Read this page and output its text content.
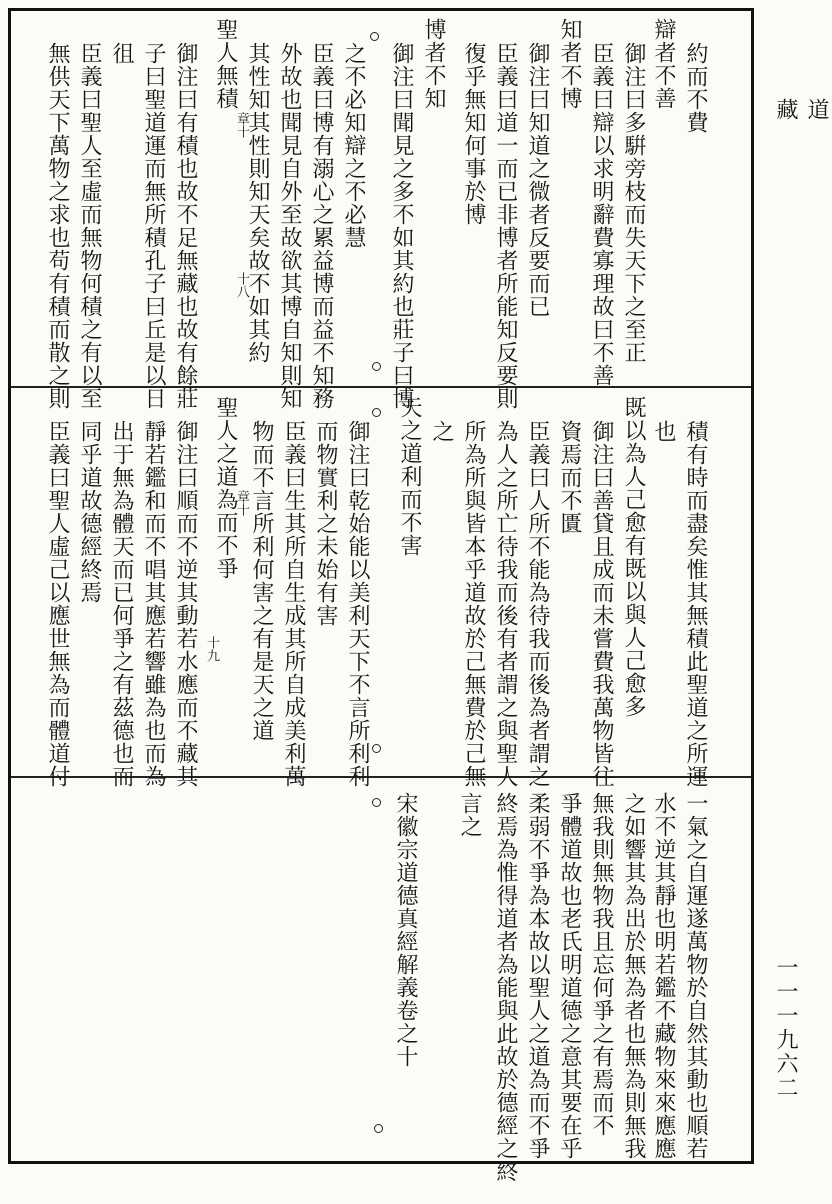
道藏
一一一九六二
約而不費
辯者不善
御注曰多騈旁枝而失天下之至正
臣義曰辯以求明辭費寡理故曰不善
知者不博
御注曰知道之微者反要而已
臣義曰道一而已非博者所能知反要則
復乎無知何事於博
博者不知
御注曰聞見之多不如其約也莊子曰博
之不必知辯之不必慧
臣義曰博有溺心之累益博而益不知務
外故也聞見自外至故欲其博自知則知
其性知其性則知天矣故不如其約
聖人無積
御注曰有積也故不足無藏也故有餘莊
子曰聖道運而無所積孔子曰丘是以日
徂
臣義曰聖人至虛而無物何積之有以至
無供天下萬物之求也苟有積而散之則	章十
十八
積有時而盡矣惟其無積此聖道之所運
也
既以為人己愈有既以與人己愈多
御注曰善貸且成而未嘗費我萬物皆往
資焉而不匱
臣義曰人所不能為待我而後為者謂之
為人之所亡待我而後有者謂之與聖人
所為所與皆本乎道故於己無費於己無
之
天之道利而不害
御注曰乾始能以美利天下不言所利利
而物實利之未始有害
臣義曰生其所自生成其所自成美利萬
物而不言所利何害之有是天之道
聖人之道為而不爭
御注曰順而不逆其動若水應而不藏其
靜若鑑和而不唱其應若響雖為也而為
出于無為體天而已何爭之有茲德也而
同乎道故德經終焉
臣義曰聖人虛己以應世無為而體道付	章十
十九
一氣之自運遂萬物於自然其動也順若
水不逆其靜也明若鑑不藏物來來應應
之如響其為出於無為者也無為則無我
無我則無物我且忘何爭之有焉而不
爭體道故也老氏明道德之意其要在乎
柔弱不爭為本故以聖人之道為而不爭
終焉為惟得道者為能與此故於德經之終
言之
宋徽宗道德真經解義卷之十
